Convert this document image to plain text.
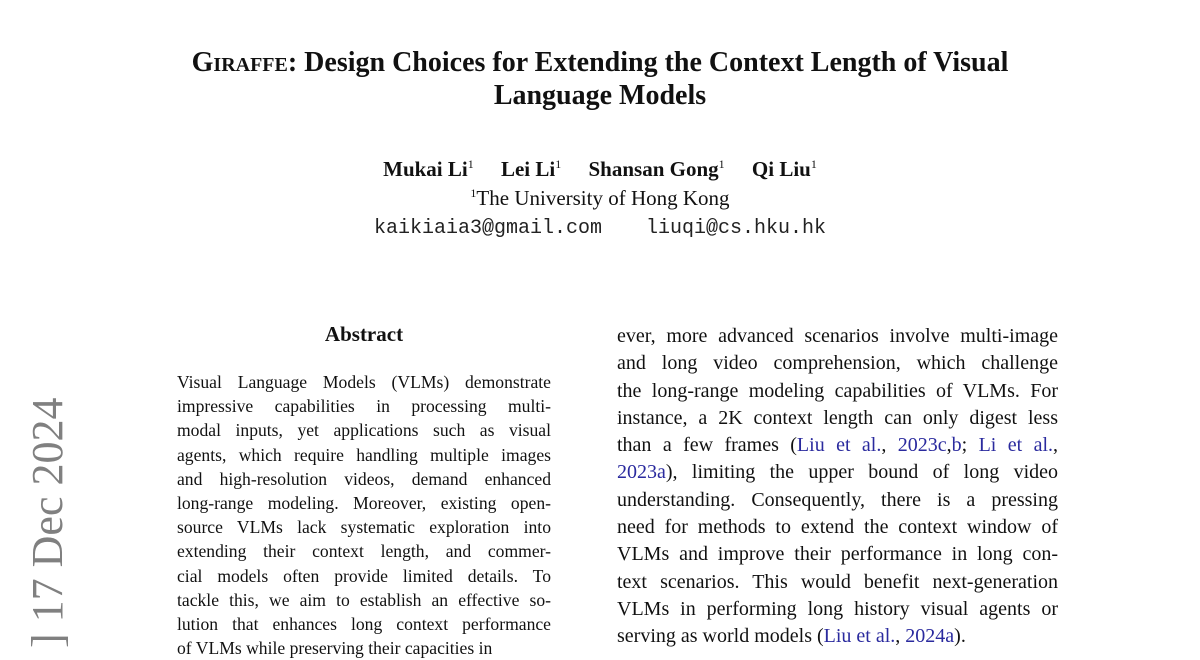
] 17 Dec 2024
Giraffe: Design Choices for Extending the Context Length of Visual
Language Models
Mukai Li$^1$ Lei Li$^1$ Shansan Gong$^1$ Qi Liu$^1$
$^1$The University of Hong Kong
kaikiaia3@gmail.com liuqi@cs.hku.hk
Abstract
Visual Language Models (VLMs) demonstrate
impressive capabilities in processing multi-
modal inputs, yet applications such as visual
agents, which require handling multiple images
and high-resolution videos, demand enhanced
long-range modeling. Moreover, existing open-
source VLMs lack systematic exploration into
extending their context length, and commer-
cial models often provide limited details. To
tackle this, we aim to establish an effective so-
lution that enhances long context performance
of VLMs while preserving their capacities in
ever, more advanced scenarios involve multi-image
and long video comprehension, which challenge
the long-range modeling capabilities of VLMs. For
instance, a 2K context length can only digest less
than a few frames (Liu et al., 2023c,b; Li et al.,
2023a), limiting the upper bound of long video
understanding. Consequently, there is a pressing
need for methods to extend the context window of
VLMs and improve their performance in long con-
text scenarios. This would benefit next-generation
VLMs in performing long history visual agents or
serving as world models (Liu et al., 2024a).
